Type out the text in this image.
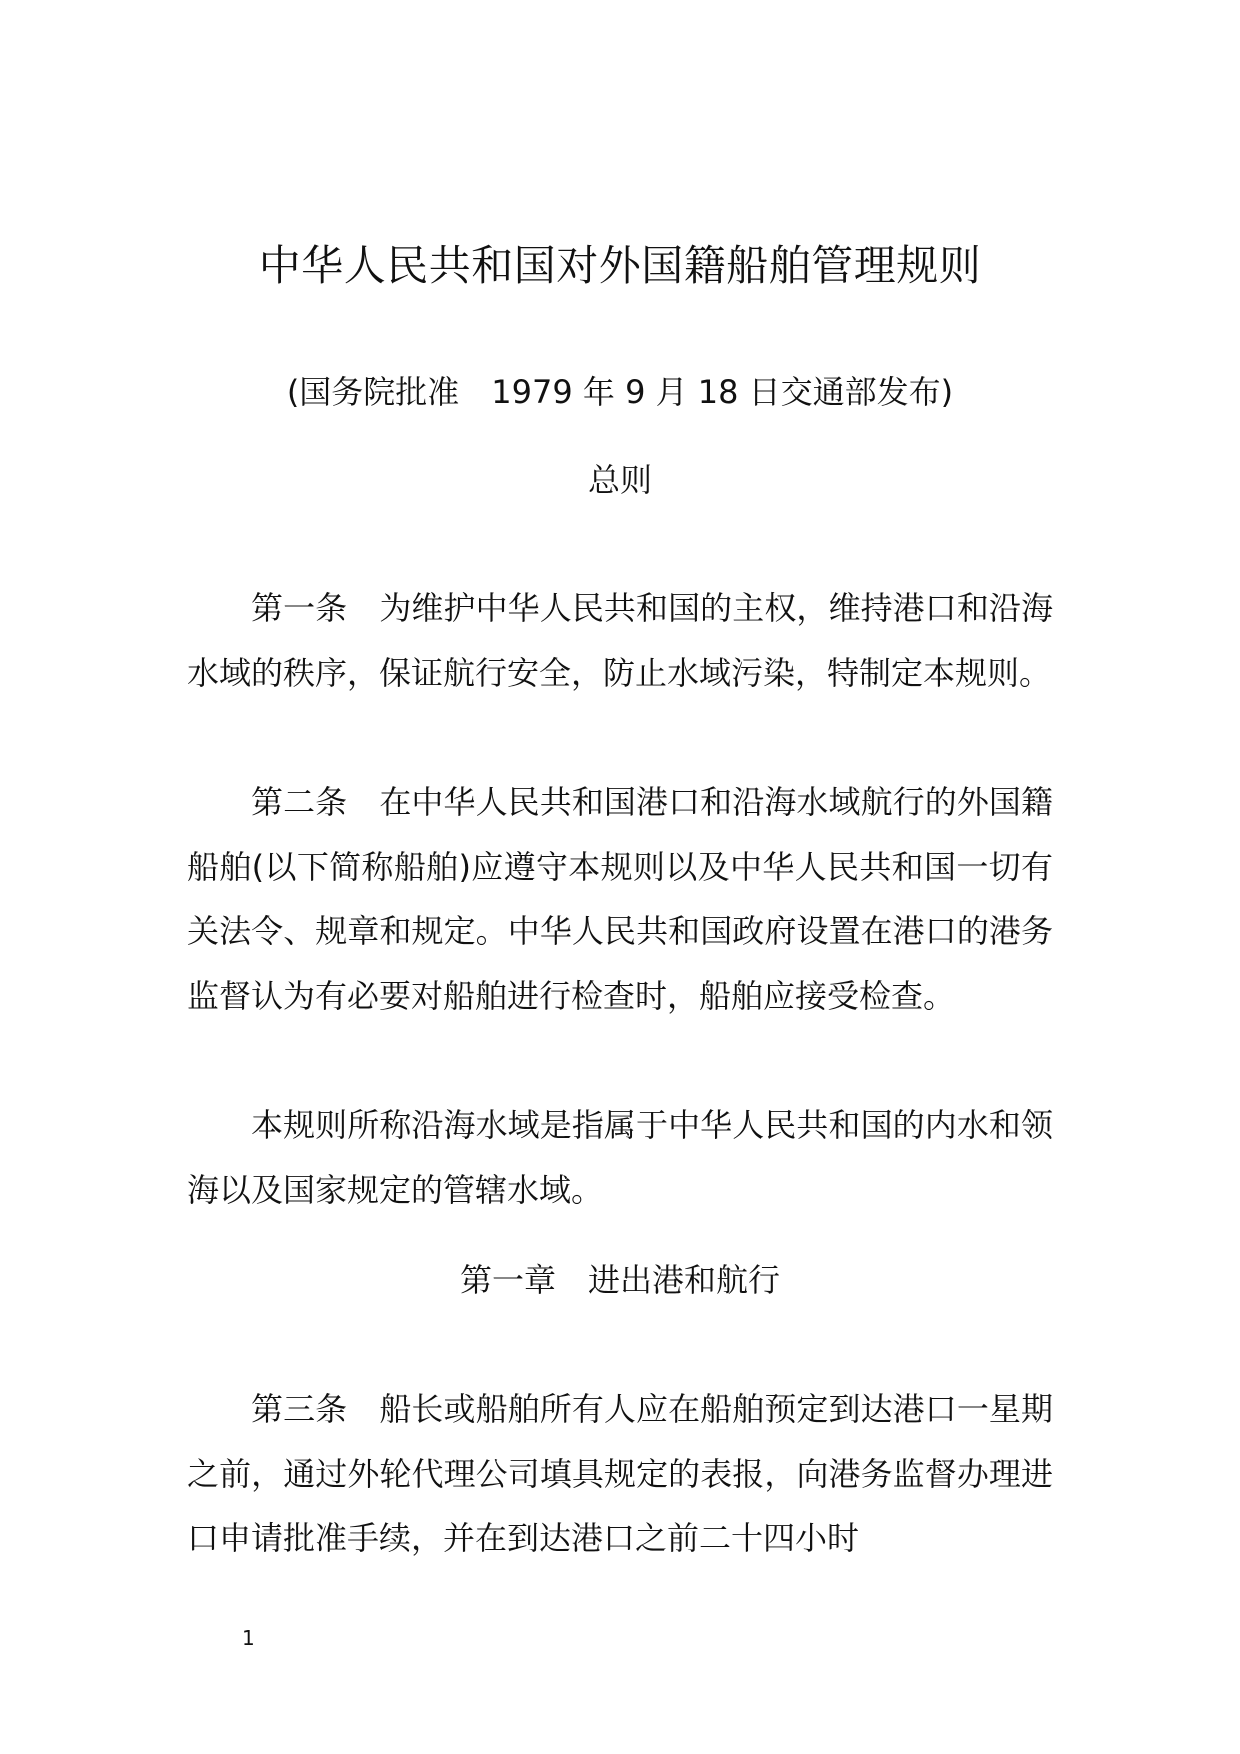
中华人民共和国对外国籍船舶管理规则
(国务院批准　1979 年 9 月 18 日交通部发布)
总则

第一条　为维护中华人民共和国的主权，维持港口和沿海水域的秩序，保证航行安全，防止水域污染，特制定本规则。

第二条　在中华人民共和国港口和沿海水域航行的外国籍船舶(以下简称船舶)应遵守本规则以及中华人民共和国一切有关法令、规章和规定。中华人民共和国政府设置在港口的港务监督认为有必要对船舶进行检查时，船舶应接受检查。

本规则所称沿海水域是指属于中华人民共和国的内水和领海以及国家规定的管辖水域。

第一章　进出港和航行

第三条　船长或船舶所有人应在船舶预定到达港口一星期之前，通过外轮代理公司填具规定的表报，向港务监督办理进口申请批准手续，并在到达港口之前二十四小时

1
